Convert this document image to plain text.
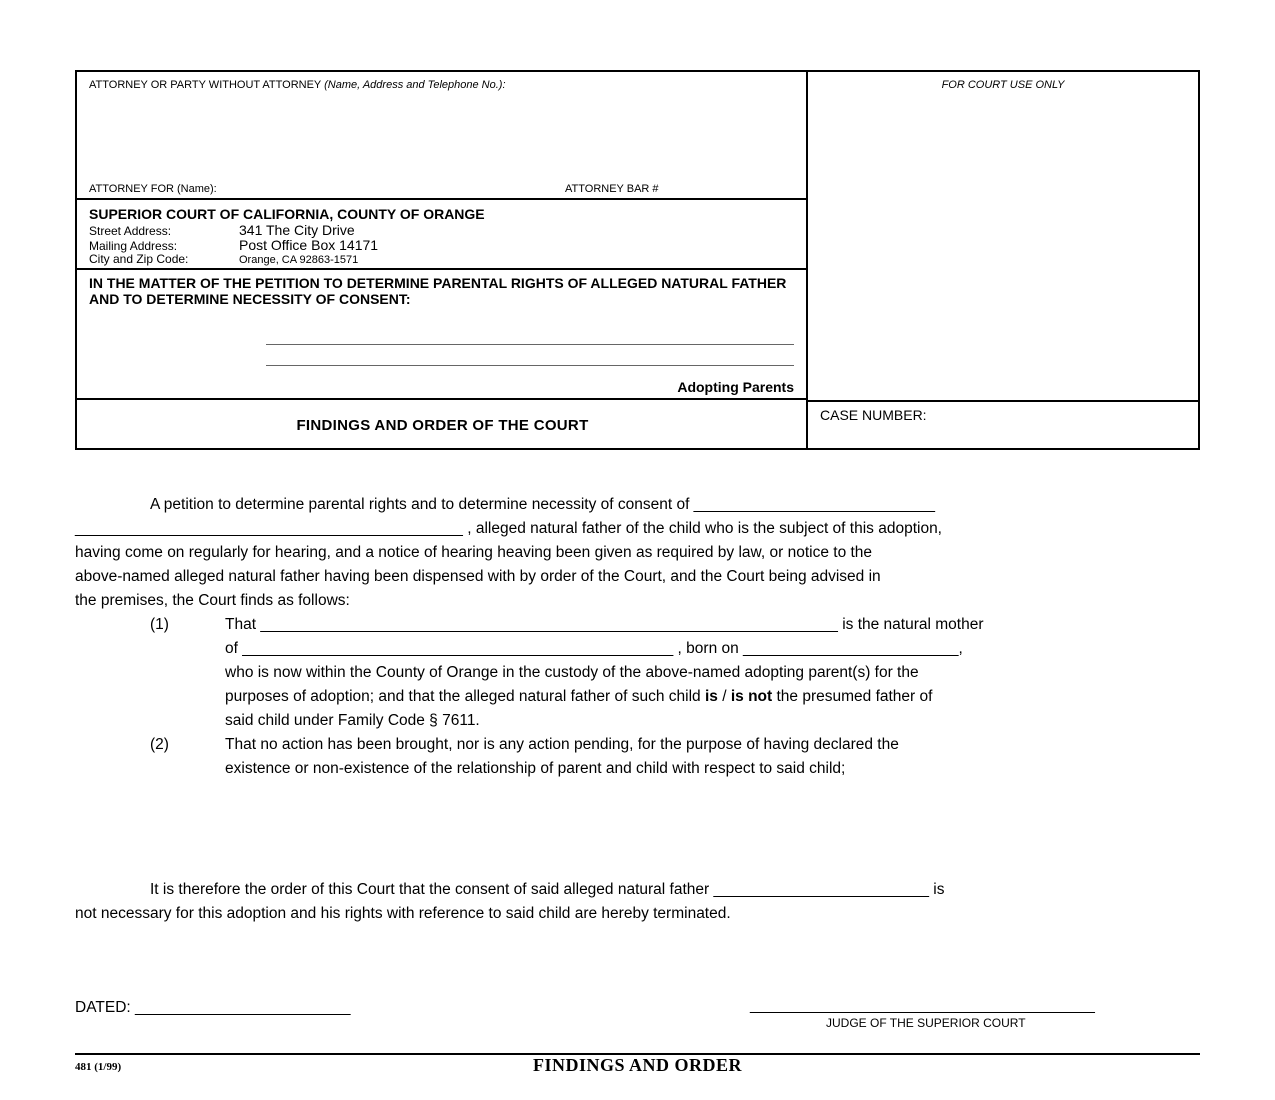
ATTORNEY OR PARTY WITHOUT ATTORNEY (Name, Address and Telephone No.):
ATTORNEY FOR (Name):	ATTORNEY BAR #
SUPERIOR COURT OF CALIFORNIA, COUNTY OF ORANGE
Street Address:	341 The City Drive
Mailing Address:	Post Office Box 14171
City and Zip Code:	Orange, CA 92863-1571
IN THE MATTER OF THE PETITION TO DETERMINE PARENTAL RIGHTS OF ALLEGED NATURAL FATHER AND TO DETERMINE NECESSITY OF CONSENT:
Adopting Parents
FINDINGS AND ORDER OF THE COURT
FOR COURT USE ONLY
CASE NUMBER:
A petition to determine parental rights and to determine necessity of consent of ____________________________
_____________________________________________ , alleged natural father of the child who is the subject of this adoption,
having come on regularly for hearing, and a notice of hearing heaving been given as required by law, or notice to the
above-named alleged natural father having been dispensed with by order of the Court, and the Court being advised in
the premises, the Court finds as follows:
(1)	That ___________________________________________________________________ is the natural mother
of __________________________________________________ , born on _________________________,
who is now within the County of Orange in the custody of the above-named adopting parent(s) for the
purposes of adoption; and that the alleged natural father of such child is / is not the presumed father of
said child under Family Code § 7611.
(2)	That no action has been brought, nor is any action pending, for the purpose of having declared the
existence or non-existence of the relationship of parent and child with respect to said child;
It is therefore the order of this Court that the consent of said alleged natural father _________________________ is
not necessary for this adoption and his rights with reference to said child are hereby terminated.
DATED: _________________________	________________________________________
JUDGE OF THE SUPERIOR COURT
481 (1/99)	FINDINGS AND ORDER
